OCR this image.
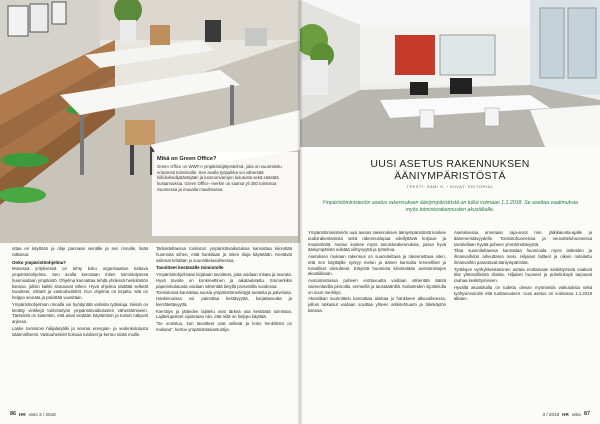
Mikä on Green Office?
Green Office on WWF:n ympäristöjärjestelmä, joka on suunniteltu erityisesti toimistoille. Sen avulla työpaikka voi vähentää hiilidioksidipäästöjään ja luonnonvarojen kulutusta sekä säästää kustannuksia. Green Office -merkin on saanut yli 350 toimistoa Suomessa ja muualla maailmassa.

ottaa en käyttöön ja ohje pannaan seinälle ja sen rinnalle, lisää ratkaisut.

Onko ympäristöohjelma?

Monessa yrityksessä on tehty koko organisaation kattava ympäristöohjelma. Sen avulla kerrotaan miten toimistotyössä huomioidaan ympäristö. Ohjelma kannattaa tehdä yhdessä henkilöstön kanssa, jolloin kaikki sitoutuvat siihen. Hyvä ohjelma sisältää selkeät tavoitteet, mittarit ja vastuuhenkilöt. Kun ohjelma on kirjattu, sitä on helppo seurata ja päivittää vuosittain.

Ympäristöohjelman rinnalla voi hyödyntää valmiita työkaluja. Niissä on kerätty vinkkejä toimistotyön ympäristövaikutusten vähentämiseen. Tärkeintä on kuitenkin, että asiat viedään käytäntöön ja toimet näkyvät arjessa.

Laske toimistosi hiilijalanjälki ja seuraa energian- ja vedenkulutusta säännöllisesti. Vastuuhenkilö kokoaa tulokset ja kertoo niistä muille.

Tarkasteltaessa toimiston ympäristövaikutuksia kannattaa kiinnittää huomiota siihen, mitä hankitaan ja miten tiloja käytetään. Kestävät valinnat tehdään jo suunnitteluvaiheessa.

Tavoitteet kestävälle toimistolle

Ympäristöohjelmaan kirjataan tavoitteet, joita voidaan mitata ja seurata. Hyvä tavoite on konkreettinen ja aikataulutettu. Esimerkiksi paperinkulutusta voidaan vähentää tietyllä prosentilla vuodessa.

Toimistossa kannattaa suosia ympäristömerkittyjä tuotteita ja palveluita. Hankinnoissa voi painottaa kestävyyttä, korjattavuutta ja kierrätettävyyttä.

Kierrätys ja jätteiden lajittelu ovat tärkeä osa kestävää toimistoa. Lajittelupisteet sijoitetaan niin, että niitä on helppo käyttää.

”Se onnistuu, kun tavoitteet ovat selkeät ja koko henkilöstö on mukana”, kertoo ympäristöasiantuntija.

86 HR visio 3 / 2018
UUSI ASETUS RAKENNUKSEN ÄÄNIYMPÄRISTÖSTÄ
TEKSTI: SAMI S. / KUVAT: EDITORIAL
Ympäristöministeriön asetus rakennuksen ääniympäristöstä on tullut voimaan 1.1.2018. Se asettaa vaatimuksia myös toimistorakennusten akustiikalle.

Ympäristöministeriön uusi asetus rakennuksen ääniympäristöstä koskee uudisrakentamista sekä rakennuslupaa edellyttäviä korjaus- ja muutostöitä. Asetus koskee myös toimistorakennuksia, joissa hyvä ääniympäristö edistää viihtyvyyttä ja työtehoa.

Asetuksen mukaan rakennus on suunniteltava ja rakennettava siten, että sen käyttäjille syntyy melun ja äänen kannalta terveelliset ja turvalliset olosuhteet. Erityistä huomiota kiinnitetään avotoimistojen akustiikkaan.

Avotoimistoissa puheen erottuvuutta voidaan vähentää ääntä vaimentavilla pinnoilla, sermeillä ja taustaäänillä. Kalusteiden sijoittelulla on suuri merkitys.

Akustiikan suunnittelu kannattaa aloittaa jo hankkeen alkuvaiheessa, jolloin ratkaisut voidaan sovittaa yhteen arkkitehtuurin ja tilankäytön kanssa.

Asetuksessa annetaan raja-arvot mm. jälkikaiunta-ajalle ja ääneneristävyydelle. Toimistohuoneissa ja neuvotteluhuoneissa tavoitellaan hyvää puheen ymmärrettävyyttä.

Tilaa suunniteltaessa kannattaa huomioida myös laitteiden ja ilmanvaihdon aiheuttama melu. Hiljaiset laitteet ja oikein mitoitettu ilmanvaihto parantavat ääniympäristöä.

Työtilojen vyöhykkeistäminen auttaa erottamaan keskittymistä vaativat tilat yhteisöllisistä tiloista. Hiljaiset huoneet ja puhelinkopit tarjoavat rauhaa keskittymiseen.

Hyvällä akustiikalla on todettu olevan myönteisiä vaikutuksia sekä työhyvinvointiin että tuottavuuteen. Uusi asetus on voimassa 1.1.2018 alkaen.

3 / 2018 HR visio 87
